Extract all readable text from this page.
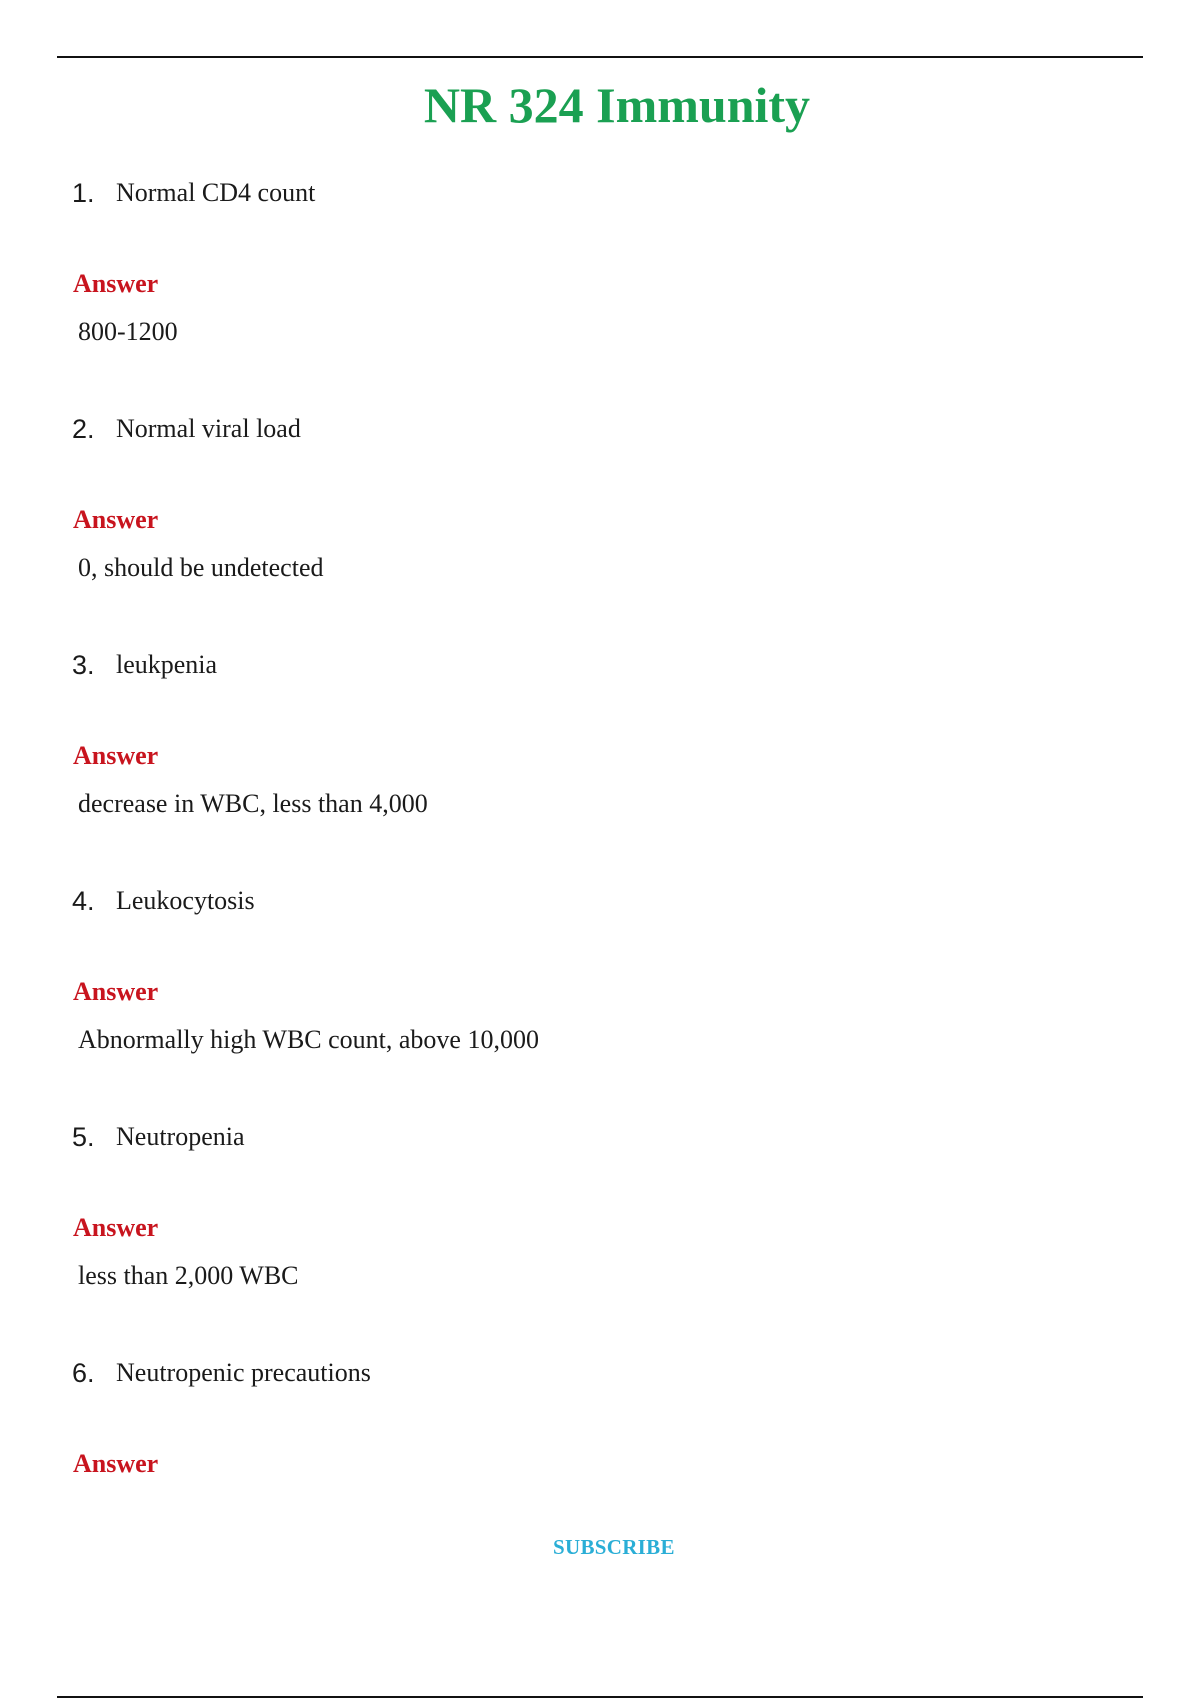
NR 324 Immunity
1. Normal CD4 count
Answer
800-1200
2. Normal viral load
Answer
0, should be undetected
3. leukpenia
Answer
decrease in WBC, less than 4,000
4. Leukocytosis
Answer
Abnormally high WBC count, above 10,000
5. Neutropenia
Answer
less than 2,000 WBC
6. Neutropenic precautions
Answer
SUBSCRIBE
